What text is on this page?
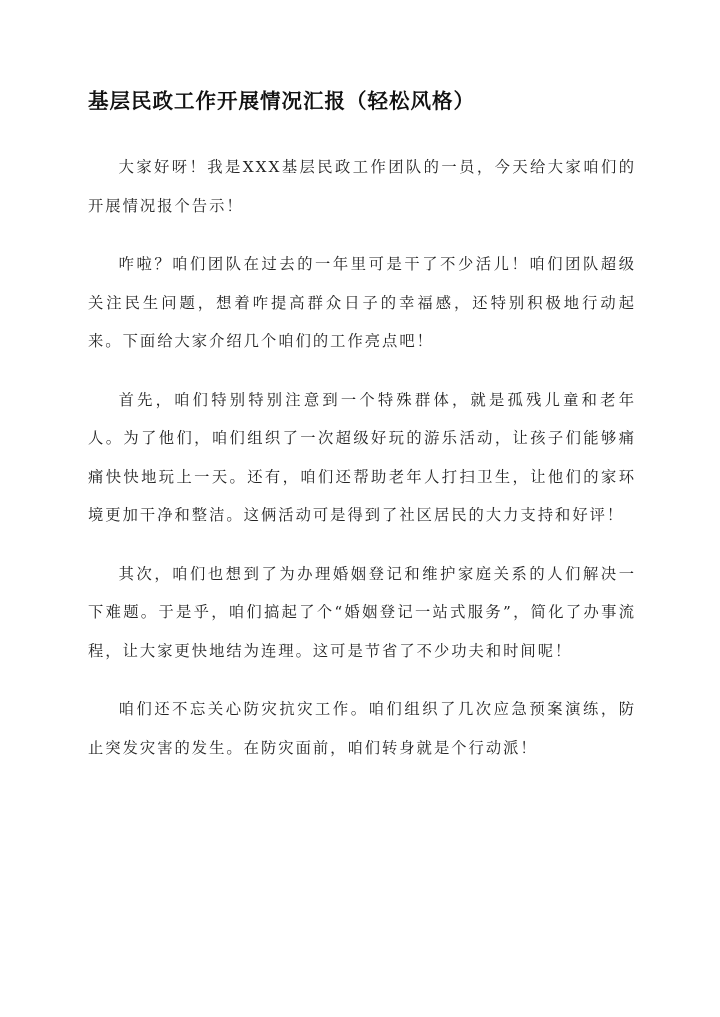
基层民政工作开展情况汇报（轻松风格）

大家好呀！我是XXX基层民政工作团队的一员，今天给大家咱们的开展情况报个告示！

咋啦？咱们团队在过去的一年里可是干了不少活儿！咱们团队超级关注民生问题，想着咋提高群众日子的幸福感，还特别积极地行动起来。下面给大家介绍几个咱们的工作亮点吧！

首先，咱们特别特别注意到一个特殊群体，就是孤残儿童和老年人。为了他们，咱们组织了一次超级好玩的游乐活动，让孩子们能够痛痛快快地玩上一天。还有，咱们还帮助老年人打扫卫生，让他们的家环境更加干净和整洁。这俩活动可是得到了社区居民的大力支持和好评！

其次，咱们也想到了为办理婚姻登记和维护家庭关系的人们解决一下难题。于是乎，咱们搞起了个“婚姻登记一站式服务”，简化了办事流程，让大家更快地结为连理。这可是节省了不少功夫和时间呢！

咱们还不忘关心防灾抗灾工作。咱们组织了几次应急预案演练，防止突发灾害的发生。在防灾面前，咱们转身就是个行动派！
